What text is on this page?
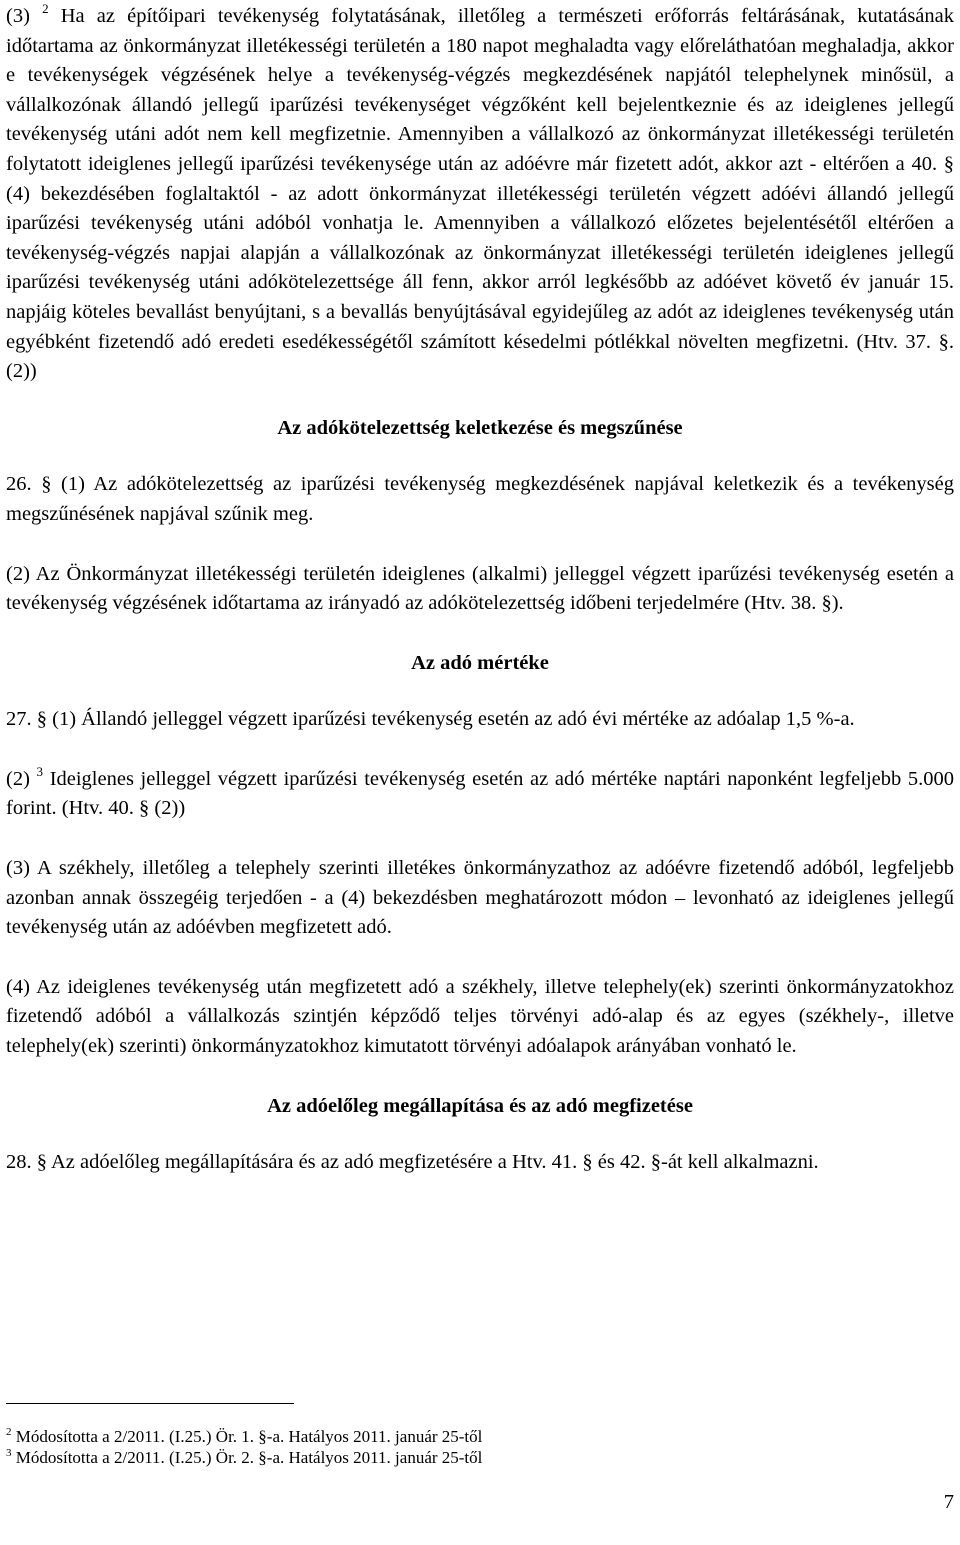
(3) $^2$ Ha az építőipari tevékenység folytatásának, illetőleg a természeti erőforrás feltárásának, kutatásának időtartama az önkormányzat illetékességi területén a 180 napot meghaladta vagy előreláthatóan meghaladja, akkor e tevékenységek végzésének helye a tevékenység-végzés megkezdésének napjától telephelynek minősül, a vállalkozónak állandó jellegű iparűzési tevékenységet végzőként kell bejelentkeznie és az ideiglenes jellegű tevékenység utáni adót nem kell megfizetnie. Amennyiben a vállalkozó az önkormányzat illetékességi területén folytatott ideiglenes jellegű iparűzési tevékenysége után az adóévre már fizetett adót, akkor azt - eltérően a 40. § (4) bekezdésében foglaltaktól - az adott önkormányzat illetékességi területén végzett adóévi állandó jellegű iparűzési tevékenység utáni adóból vonhatja le. Amennyiben a vállalkozó előzetes bejelentésétől eltérően a tevékenység-végzés napjai alapján a vállalkozónak az önkormányzat illetékességi területén ideiglenes jellegű iparűzési tevékenység utáni adókötelezettsége áll fenn, akkor arról legkésőbb az adóévet követő év január 15. napjáig köteles bevallást benyújtani, s a bevallás benyújtásával egyidejűleg az adót az ideiglenes tevékenység után egyébként fizetendő adó eredeti esedékességétől számított késedelmi pótlékkal növelten megfizetni. (Htv. 37. §. (2))

Az adókötelezettség keletkezése és megszűnése

26. § (1) Az adókötelezettség az iparűzési tevékenység megkezdésének napjával keletkezik és a tevékenység megszűnésének napjával szűnik meg.

(2) Az Önkormányzat illetékességi területén ideiglenes (alkalmi) jelleggel végzett iparűzési tevékenység esetén a tevékenység végzésének időtartama az irányadó az adókötelezettség időbeni terjedelmére (Htv. 38. §).

Az adó mértéke

27. § (1) Állandó jelleggel végzett iparűzési tevékenység esetén az adó évi mértéke az adóalap 1,5 %-a.

(2) $^3$ Ideiglenes jelleggel végzett iparűzési tevékenység esetén az adó mértéke naptári naponként legfeljebb 5.000 forint. (Htv. 40. § (2))

(3) A székhely, illetőleg a telephely szerinti illetékes önkormányzathoz az adóévre fizetendő adóból, legfeljebb azonban annak összegéig terjedően - a (4) bekezdésben meghatározott módon – levonható az ideiglenes jellegű tevékenység után az adóévben megfizetett adó.

(4) Az ideiglenes tevékenység után megfizetett adó a székhely, illetve telephely(ek) szerinti önkormányzatokhoz fizetendő adóból a vállalkozás szintjén képződő teljes törvényi adó-alap és az egyes (székhely-, illetve telephely(ek) szerinti) önkormányzatokhoz kimutatott törvényi adóalapok arányában vonható le.

Az adóelőleg megállapítása és az adó megfizetése

28. § Az adóelőleg megállapítására és az adó megfizetésére a Htv. 41. § és 42. §-át kell alkalmazni.

$^2$ Módosította a 2/2011. (I.25.) Ör. 1. §-a. Hatályos 2011. január 25-től
$^3$ Módosította a 2/2011. (I.25.) Ör. 2. §-a. Hatályos 2011. január 25-től
7
